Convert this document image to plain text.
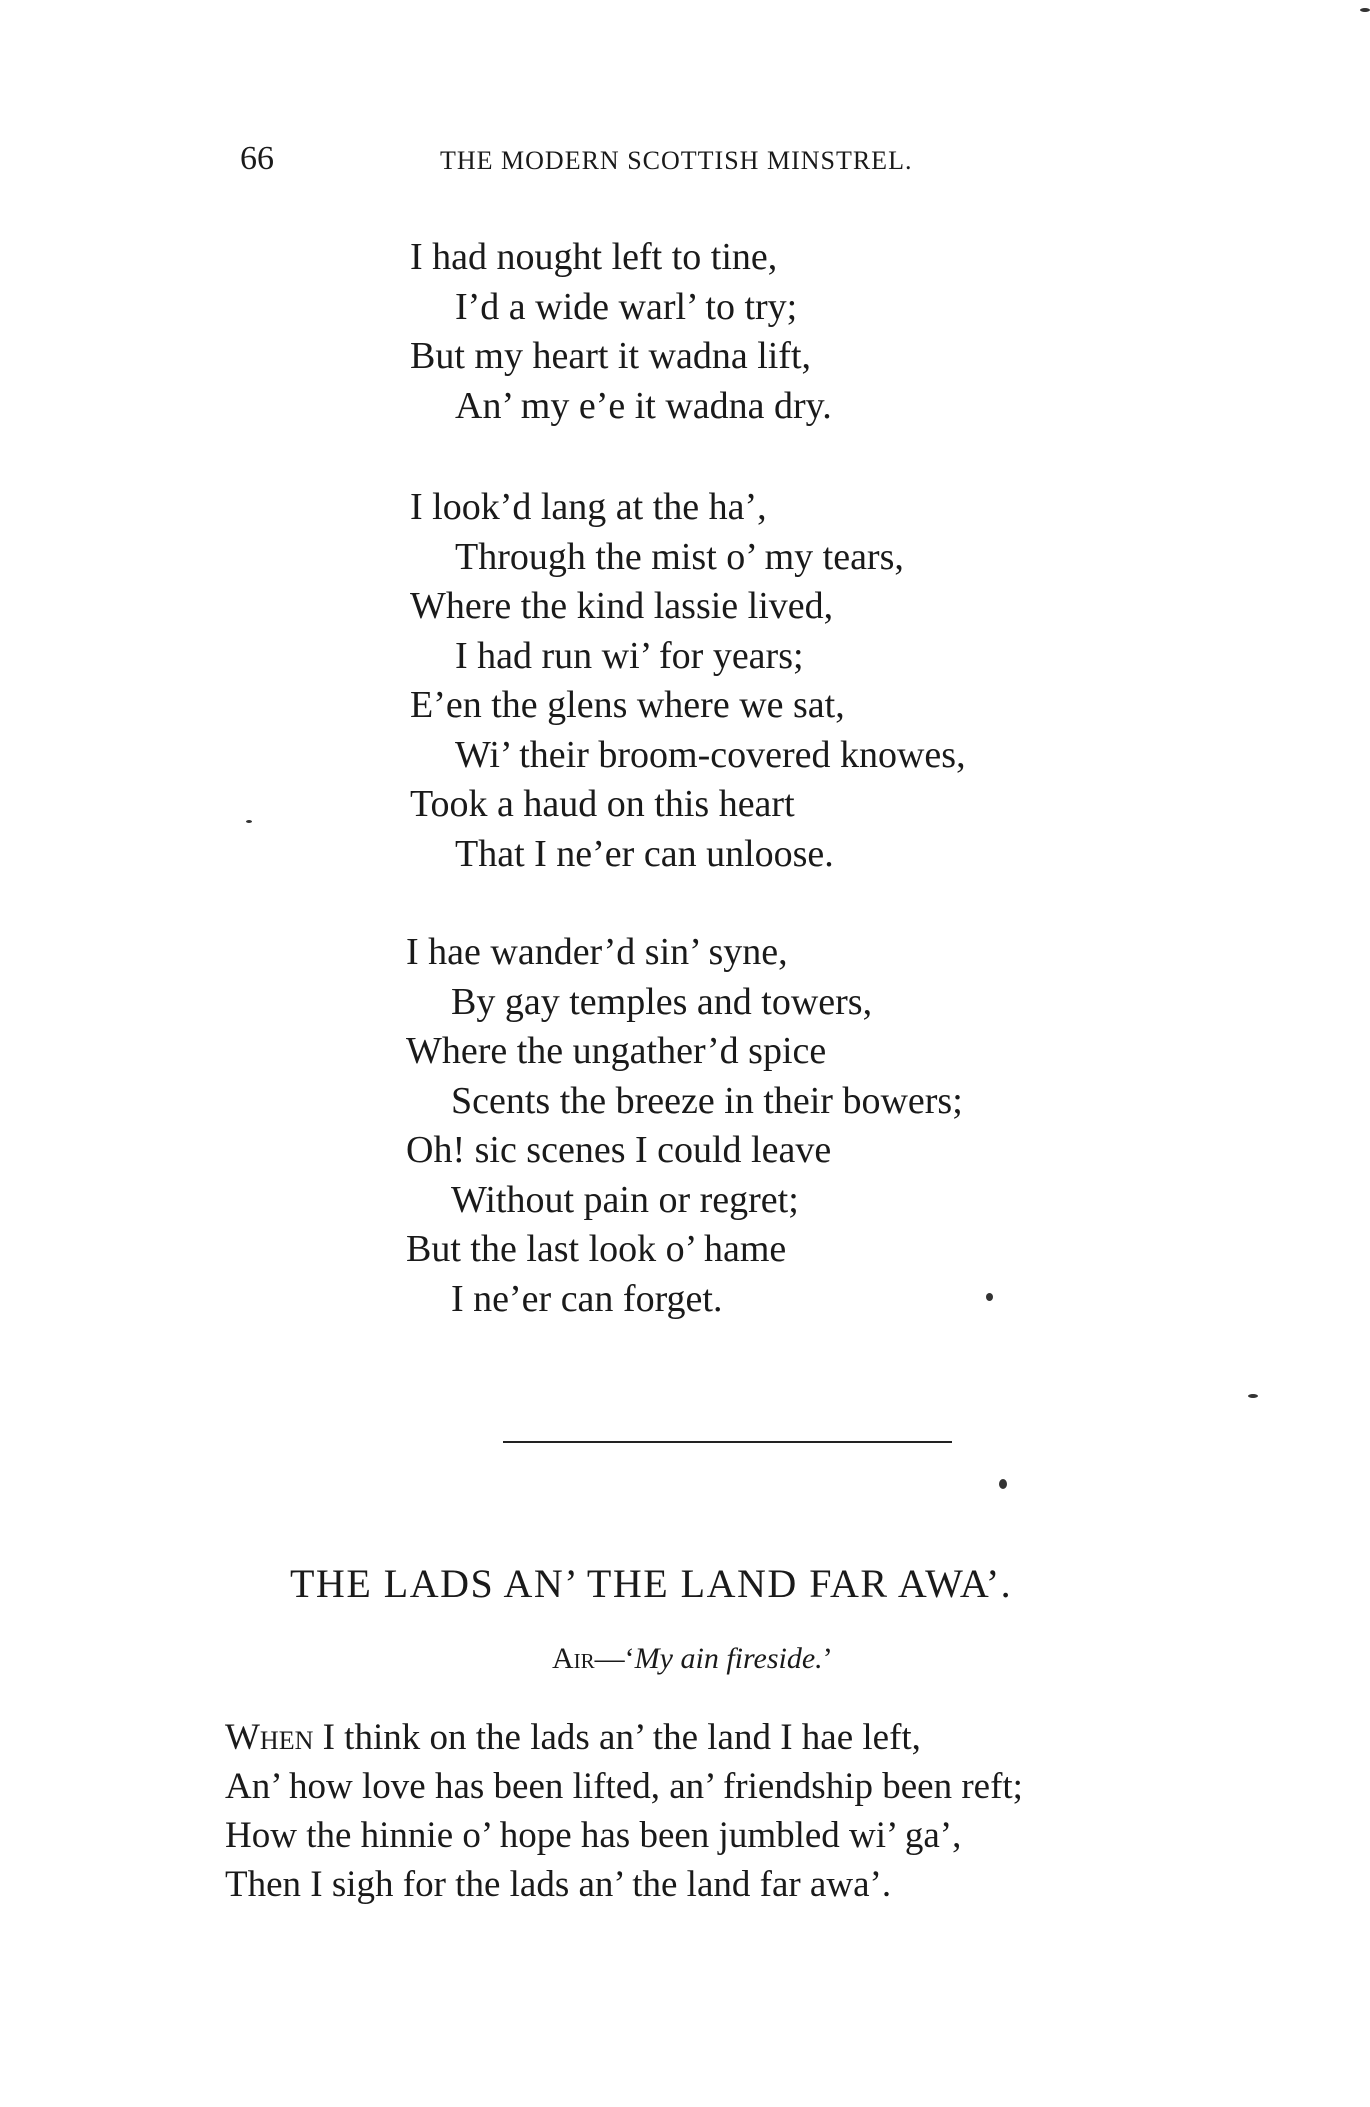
66	THE MODERN SCOTTISH MINSTREL.
I had nought left to tine,
I’d a wide warl’ to try;
But my heart it wadna lift,
An’ my e’e it wadna dry.
I look’d lang at the ha’,
Through the mist o’ my tears,
Where the kind lassie lived,
I had run wi’ for years;
E’en the glens where we sat,
Wi’ their broom-covered knowes,
Took a haud on this heart
That I ne’er can unloose.
I hae wander’d sin’ syne,
By gay temples and towers,
Where the ungather’d spice
Scents the breeze in their bowers;
Oh! sic scenes I could leave
Without pain or regret;
But the last look o’ hame
I ne’er can forget.
THE LADS AN’ THE LAND FAR AWA’.
Air—‘My ain fireside.’
When I think on the lads an’ the land I hae left,
An’ how love has been lifted, an’ friendship been reft;
How the hinnie o’ hope has been jumbled wi’ ga’,
Then I sigh for the lads an’ the land far awa’.
